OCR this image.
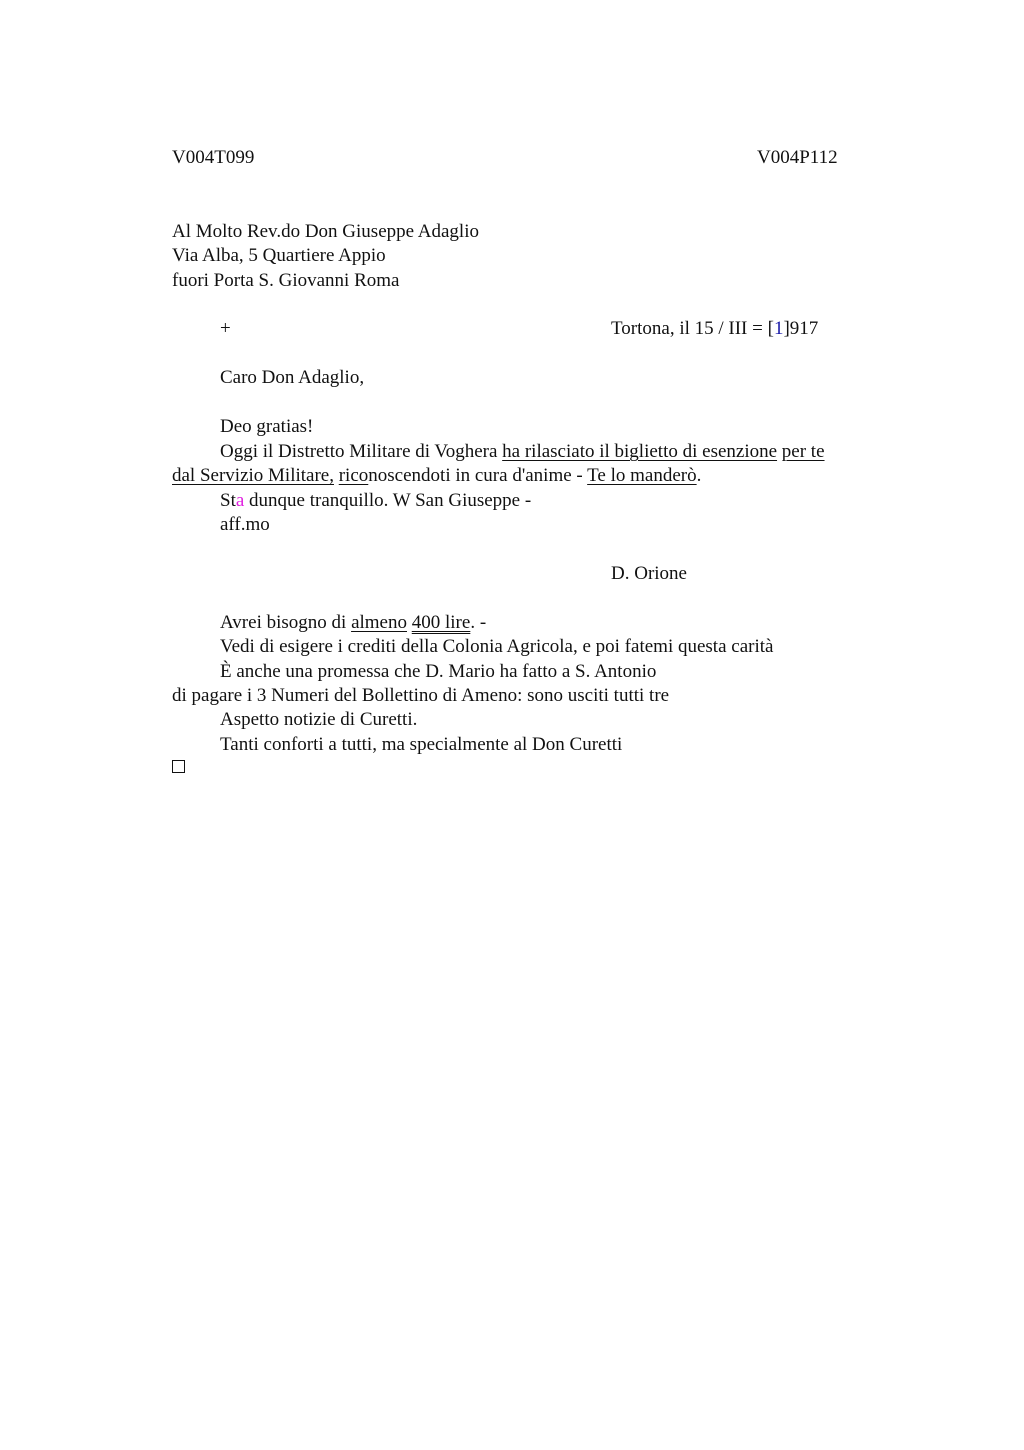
V004T099	V004P112
Al Molto Rev.do Don Giuseppe Adaglio
Via Alba, 5 Quartiere Appio
fuori Porta S. Giovanni Roma
+	Tortona, il 15 / III = [1]917
Caro Don Adaglio,
Deo gratias!
Oggi il Distretto Militare di Voghera ha rilasciato il biglietto di esenzione per te
dal Servizio Militare, riconoscendoti in cura d'anime - Te lo manderò.
Sta dunque tranquillo. W San Giuseppe -
aff.mo
D. Orione
Avrei bisogno di almeno 400 lire. -
Vedi di esigere i crediti della Colonia Agricola, e poi fatemi questa carità
È anche una promessa che D. Mario ha fatto a S. Antonio
di pagare i 3 Numeri del Bollettino di Ameno: sono usciti tutti tre
Aspetto notizie di Curetti.
Tanti conforti a tutti, ma specialmente al Don Curetti
